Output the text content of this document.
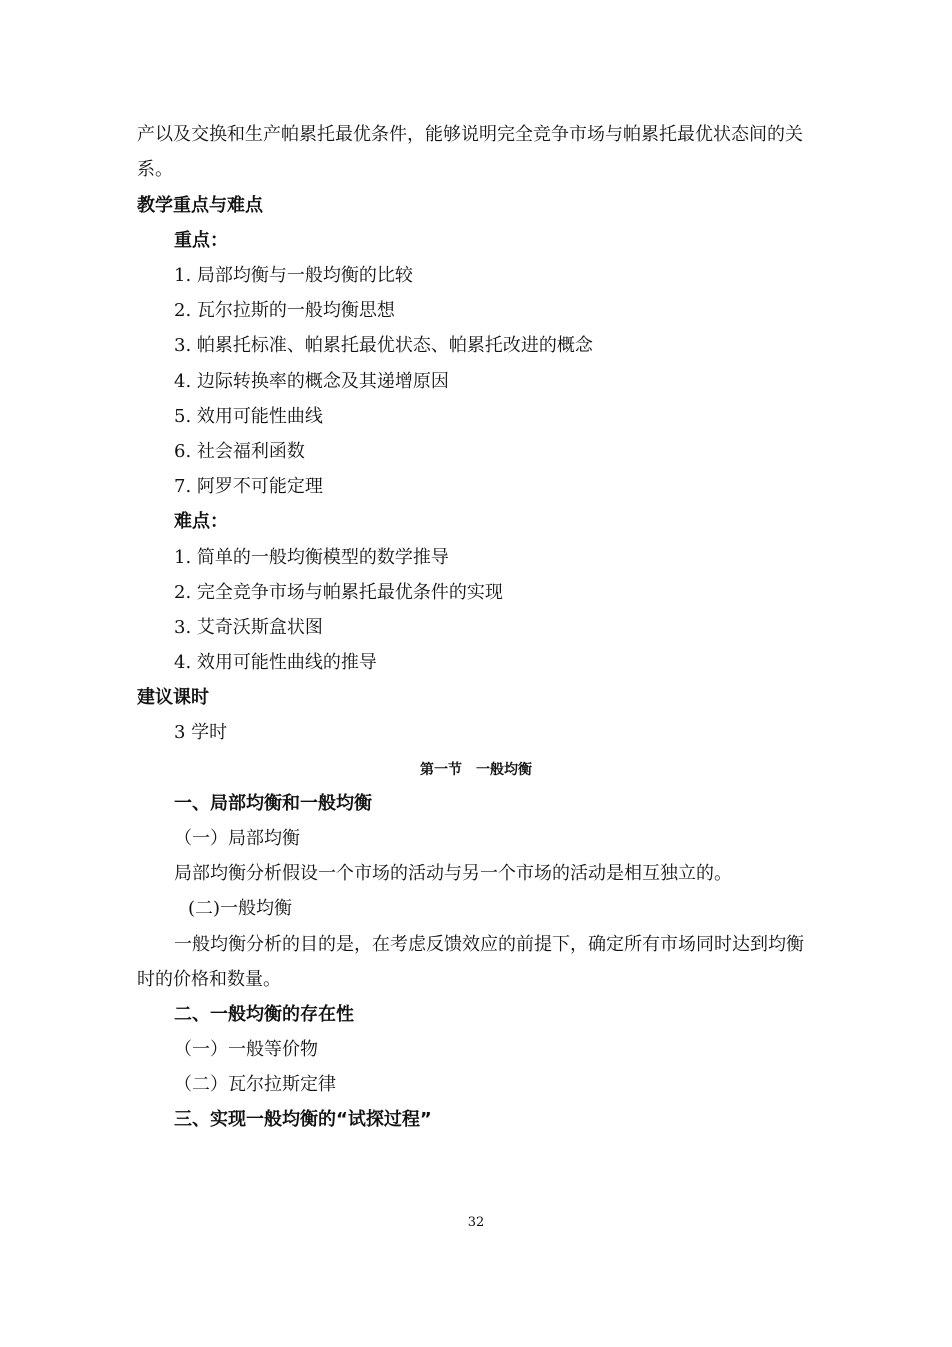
产以及交换和生产帕累托最优条件，能够说明完全竞争市场与帕累托最优状态间的关
系。
教学重点与难点
重点：
1. 局部均衡与一般均衡的比较
2. 瓦尔拉斯的一般均衡思想
3. 帕累托标准、帕累托最优状态、帕累托改进的概念
4. 边际转换率的概念及其递增原因
5. 效用可能性曲线
6. 社会福利函数
7. 阿罗不可能定理
难点：
1. 简单的一般均衡模型的数学推导
2. 完全竞争市场与帕累托最优条件的实现
3. 艾奇沃斯盒状图
4. 效用可能性曲线的推导
建议课时
3 学时
第一节　一般均衡
一、局部均衡和一般均衡
（一）局部均衡
局部均衡分析假设一个市场的活动与另一个市场的活动是相互独立的。
(二)一般均衡
一般均衡分析的目的是，在考虑反馈效应的前提下，确定所有市场同时达到均衡
时的价格和数量。
二、一般均衡的存在性
（一）一般等价物
（二）瓦尔拉斯定律
三、实现一般均衡的“试探过程”
32
